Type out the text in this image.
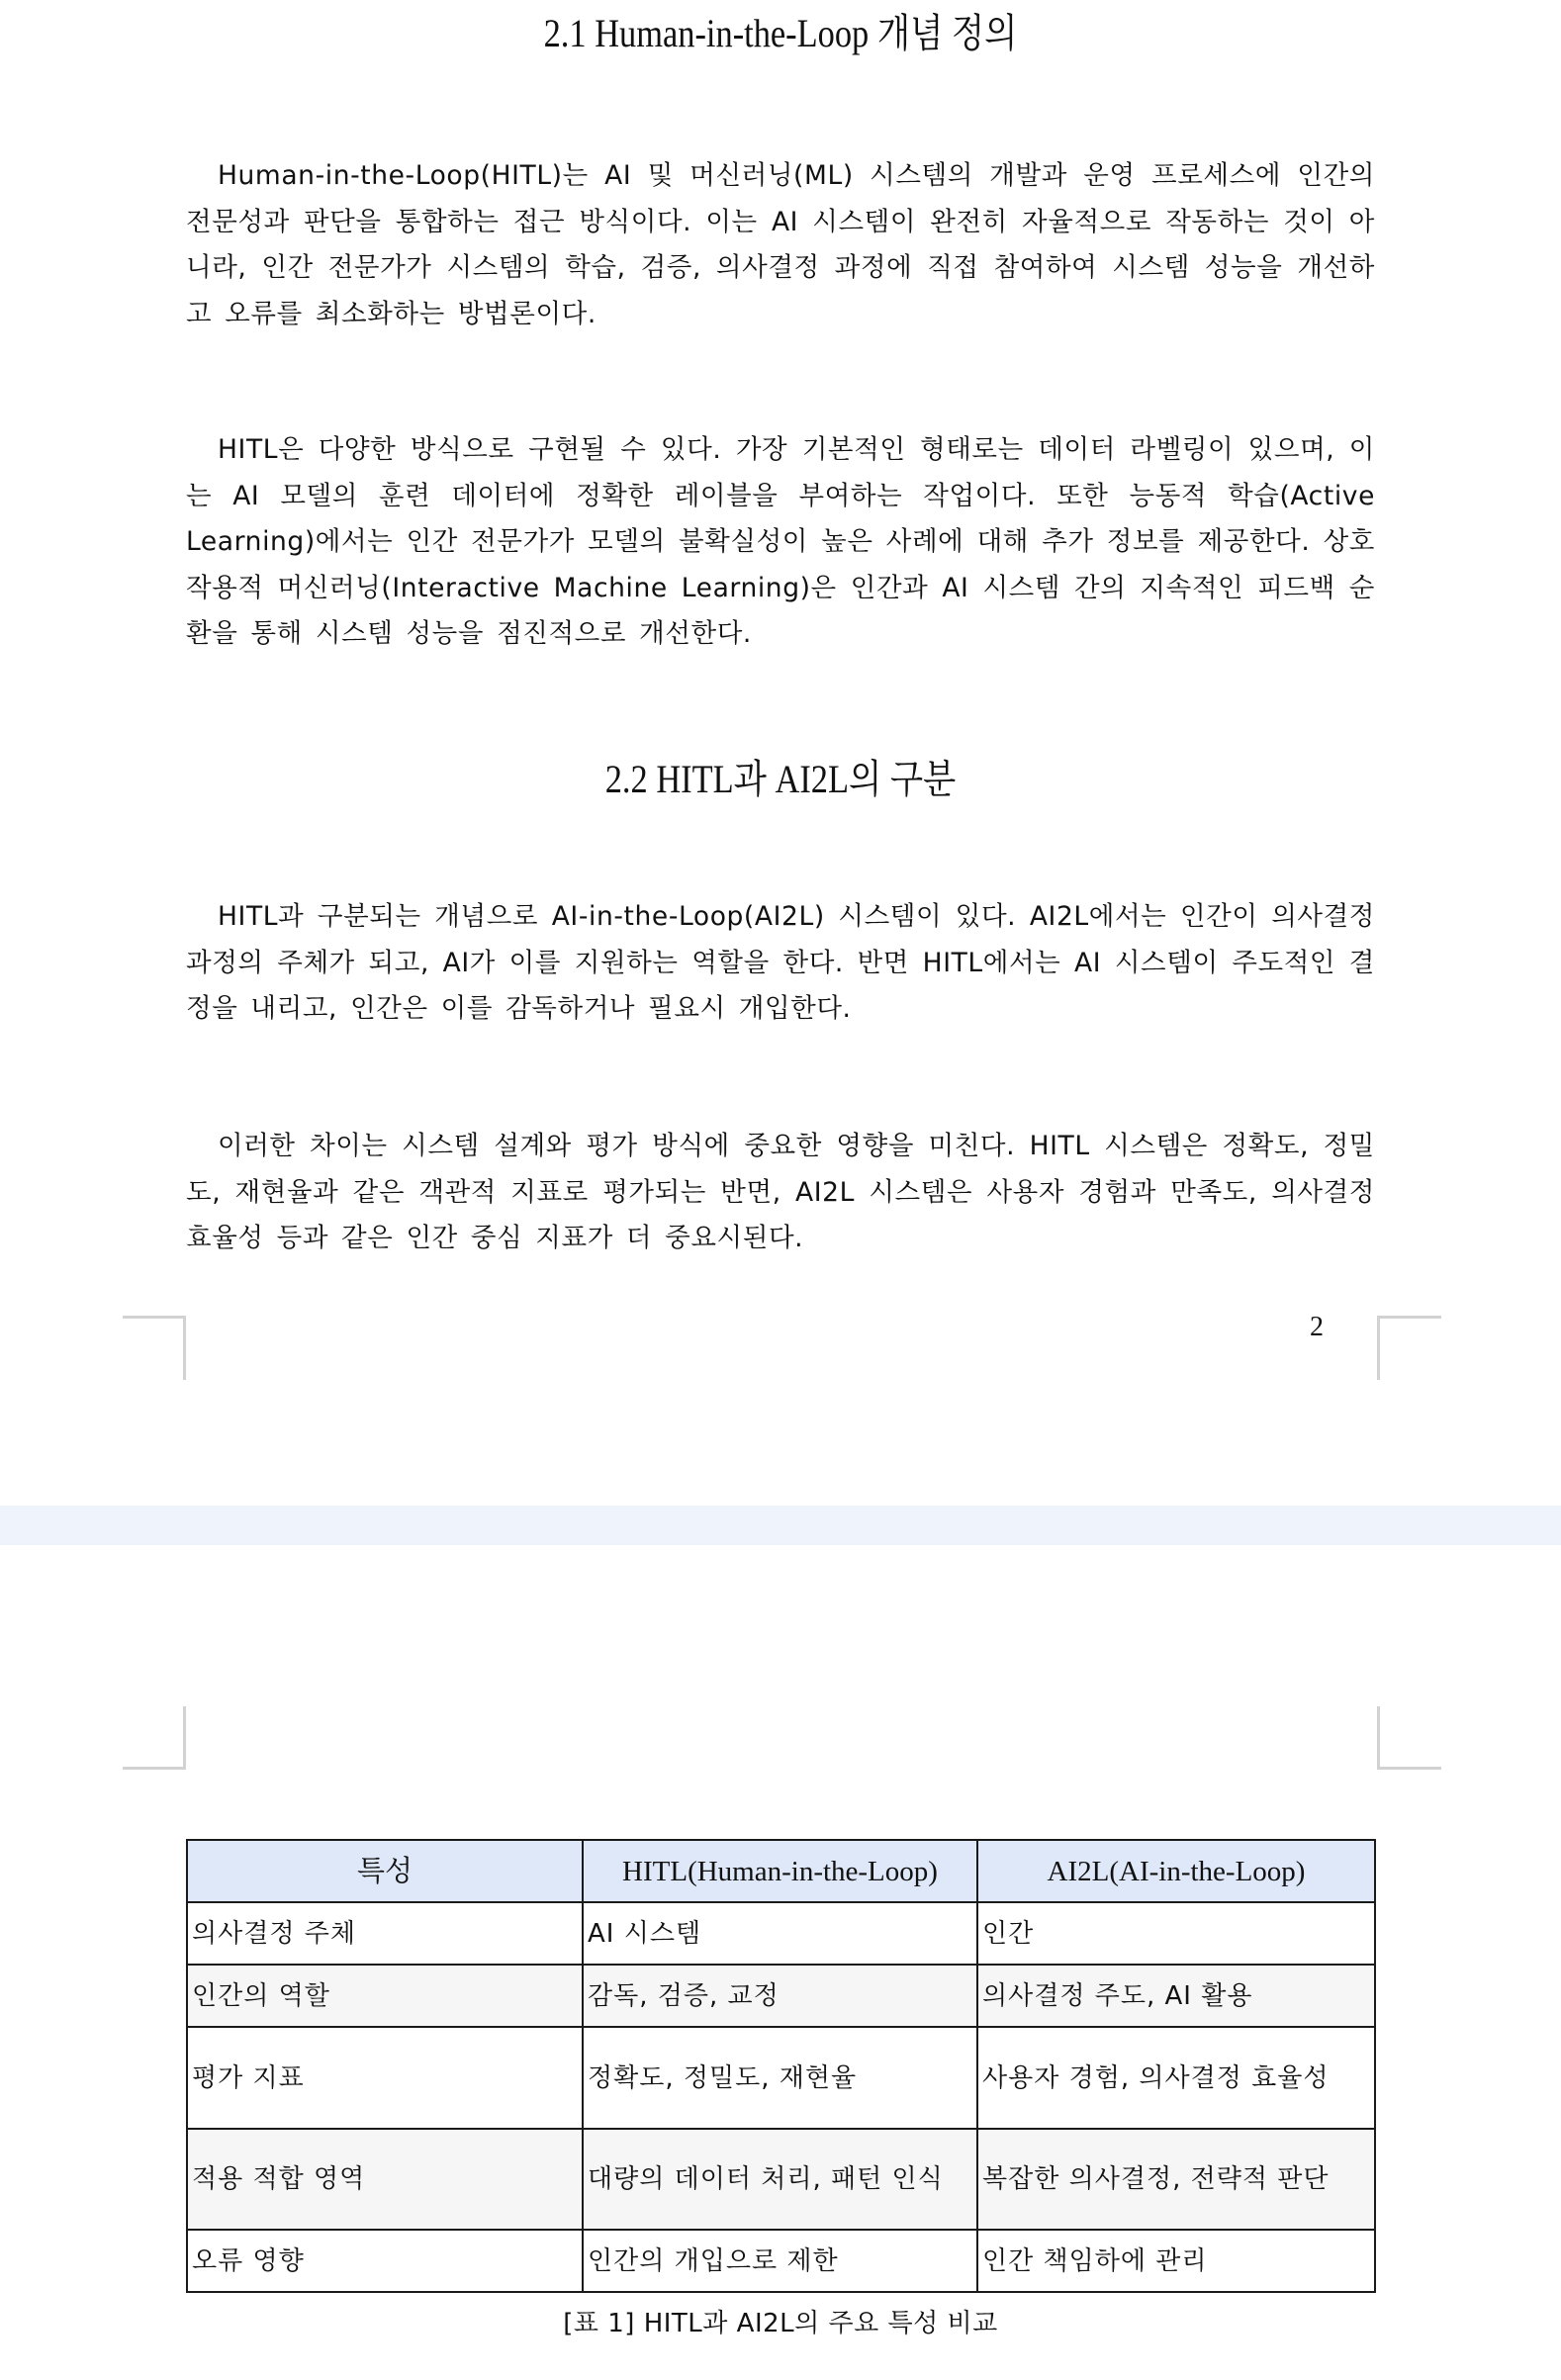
2.1 Human-in-the-Loop 개념 정의

Human-in-the-Loop(HITL)는 AI 및 머신러닝(ML) 시스템의 개발과 운영 프로세스에 인간의 전문성과 판단을 통합하는 접근 방식이다. 이는 AI 시스템이 완전히 자율적으로 작동하는 것이 아니라, 인간 전문가가 시스템의 학습, 검증, 의사결정 과정에 직접 참여하여 시스템 성능을 개선하고 오류를 최소화하는 방법론이다.

HITL은 다양한 방식으로 구현될 수 있다. 가장 기본적인 형태로는 데이터 라벨링이 있으며, 이는 AI 모델의 훈련 데이터에 정확한 레이블을 부여하는 작업이다. 또한 능동적 학습(Active Learning)에서는 인간 전문가가 모델의 불확실성이 높은 사례에 대해 추가 정보를 제공한다. 상호작용적 머신러닝(Interactive Machine Learning)은 인간과 AI 시스템 간의 지속적인 피드백 순환을 통해 시스템 성능을 점진적으로 개선한다.

2.2 HITL과 AI2L의 구분

HITL과 구분되는 개념으로 AI-in-the-Loop(AI2L) 시스템이 있다. AI2L에서는 인간이 의사결정 과정의 주체가 되고, AI가 이를 지원하는 역할을 한다. 반면 HITL에서는 AI 시스템이 주도적인 결정을 내리고, 인간은 이를 감독하거나 필요시 개입한다.

이러한 차이는 시스템 설계와 평가 방식에 중요한 영향을 미친다. HITL 시스템은 정확도, 정밀도, 재현율과 같은 객관적 지표로 평가되는 반면, AI2L 시스템은 사용자 경험과 만족도, 의사결정 효율성 등과 같은 인간 중심 지표가 더 중요시된다.

2
특성	HITL(Human-in-the-Loop)	AI2L(AI-in-the-Loop)
의사결정 주체	AI 시스템	인간
인간의 역할	감독, 검증, 교정	의사결정 주도, AI 활용
평가 지표	정확도, 정밀도, 재현율	사용자 경험, 의사결정 효율성
적용 적합 영역	대량의 데이터 처리, 패턴 인식	복잡한 의사결정, 전략적 판단
오류 영향	인간의 개입으로 제한	인간 책임하에 관리
[표 1] HITL과 AI2L의 주요 특성 비교
